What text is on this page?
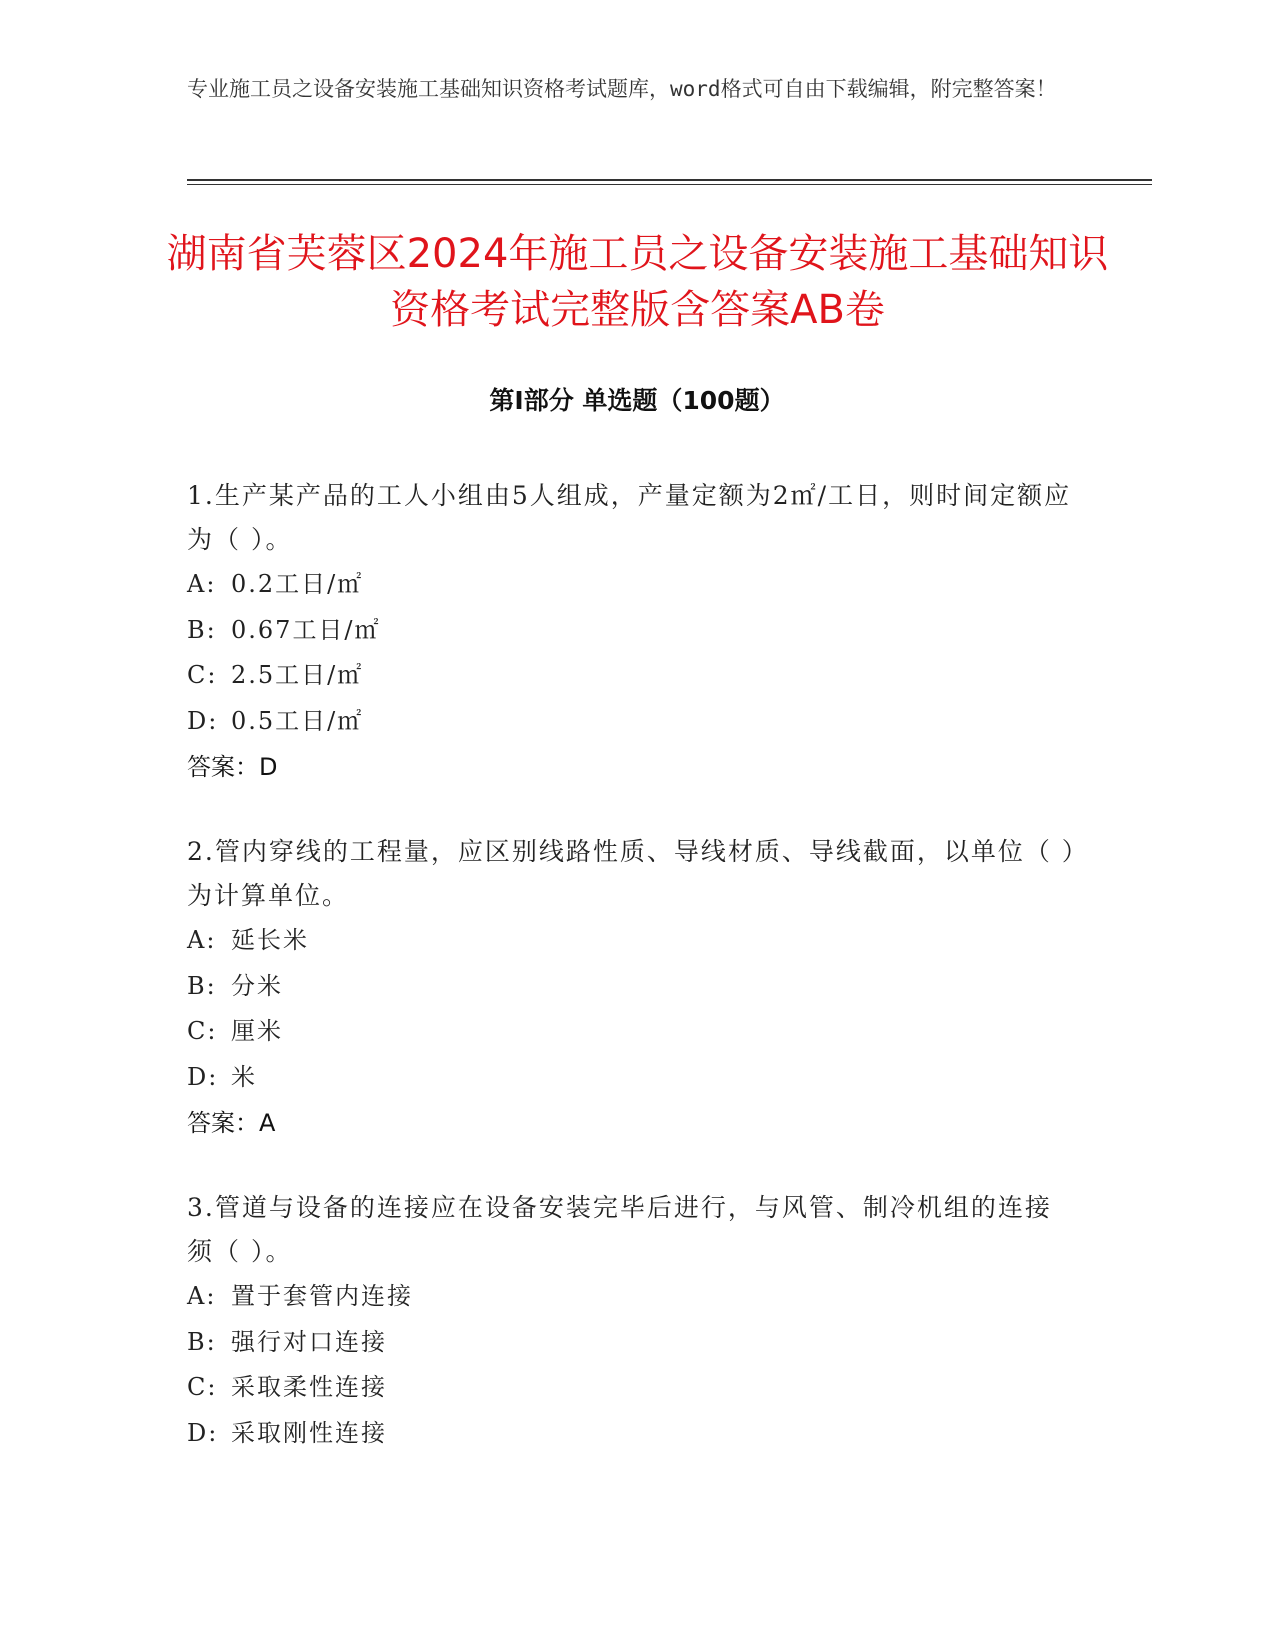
专业施工员之设备安装施工基础知识资格考试题库，word格式可自由下载编辑，附完整答案！
湖南省芙蓉区2024年施工员之设备安装施工基础知识资格考试完整版含答案AB卷
第I部分 单选题（100题）

1.生产某产品的工人小组由5人组成，产量定额为2㎡/工日，则时间定额应为（ ）。

A: 0.2工日/㎡
B: 0.67工日/㎡
C: 2.5工日/㎡
D: 0.5工日/㎡
答案：D

2.管内穿线的工程量，应区别线路性质、导线材质、导线截面，以单位（ ）为计算单位。

A: 延长米
B: 分米
C: 厘米
D: 米
答案：A

3.管道与设备的连接应在设备安装完毕后进行，与风管、制冷机组的连接须（ ）。

A: 置于套管内连接
B: 强行对口连接
C: 采取柔性连接
D: 采取刚性连接
